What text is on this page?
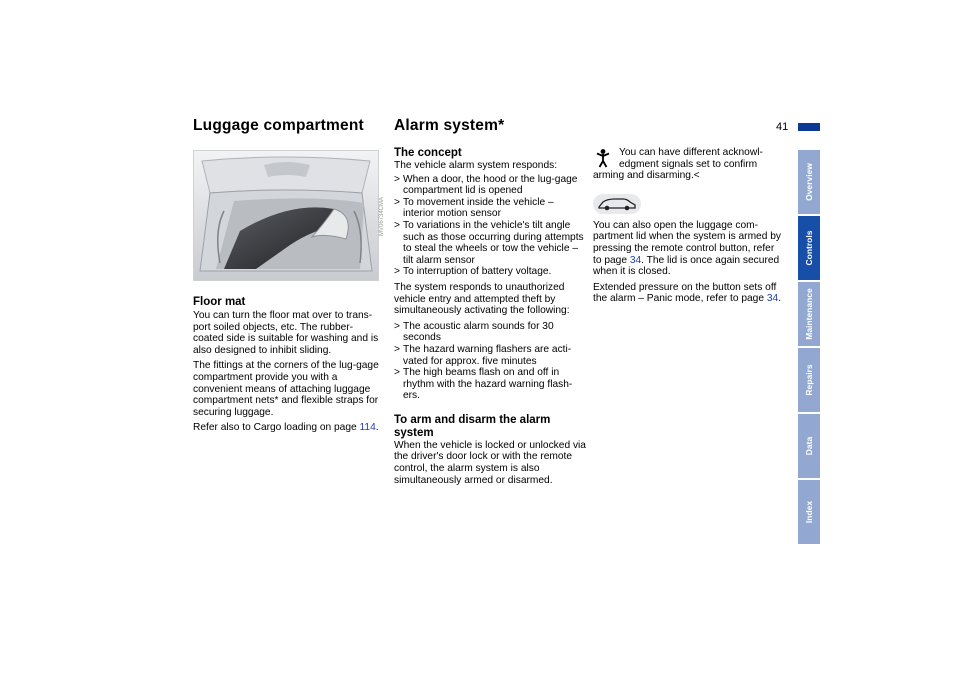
41
Luggage compartment Alarm system*
MV06734CMA
Floor mat

You can turn the floor mat over to trans-port soiled objects, etc. The rubber-coated side is suitable for washing and is also designed to inhibit sliding.

The fittings at the corners of the lug-gage compartment provide you with a convenient means of attaching luggage compartment nets* and flexible straps for securing luggage.

Refer also to Cargo loading on page 114.

The concept

The vehicle alarm system responds:

> When a door, the hood or the lug-gage compartment lid is opened
> To movement inside the vehicle – interior motion sensor
> To variations in the vehicle's tilt angle such as those occurring during attempts to steal the wheels or tow the vehicle – tilt alarm sensor
> To interruption of battery voltage.

The system responds to unauthorized vehicle entry and attempted theft by simultaneously activating the following:

> The acoustic alarm sounds for 30 seconds
> The hazard warning flashers are acti-vated for approx. five minutes
> The high beams flash on and off in rhythm with the hazard warning flash-ers.
To arm and disarm the alarm system

When the vehicle is locked or unlocked via the driver's door lock or with the remote control, the alarm system is also simultaneously armed or disarmed.

You can have different acknowl-edgment signals set to confirm arming and disarming.<

You can also open the luggage com-partment lid when the system is armed by pressing the remote control button, refer to page 34. The lid is once again secured when it is closed.

Extended pressure on the button sets off the alarm – Panic mode, refer to page 34.

Overview
Controls
Maintenance
Repairs
Data
Index
